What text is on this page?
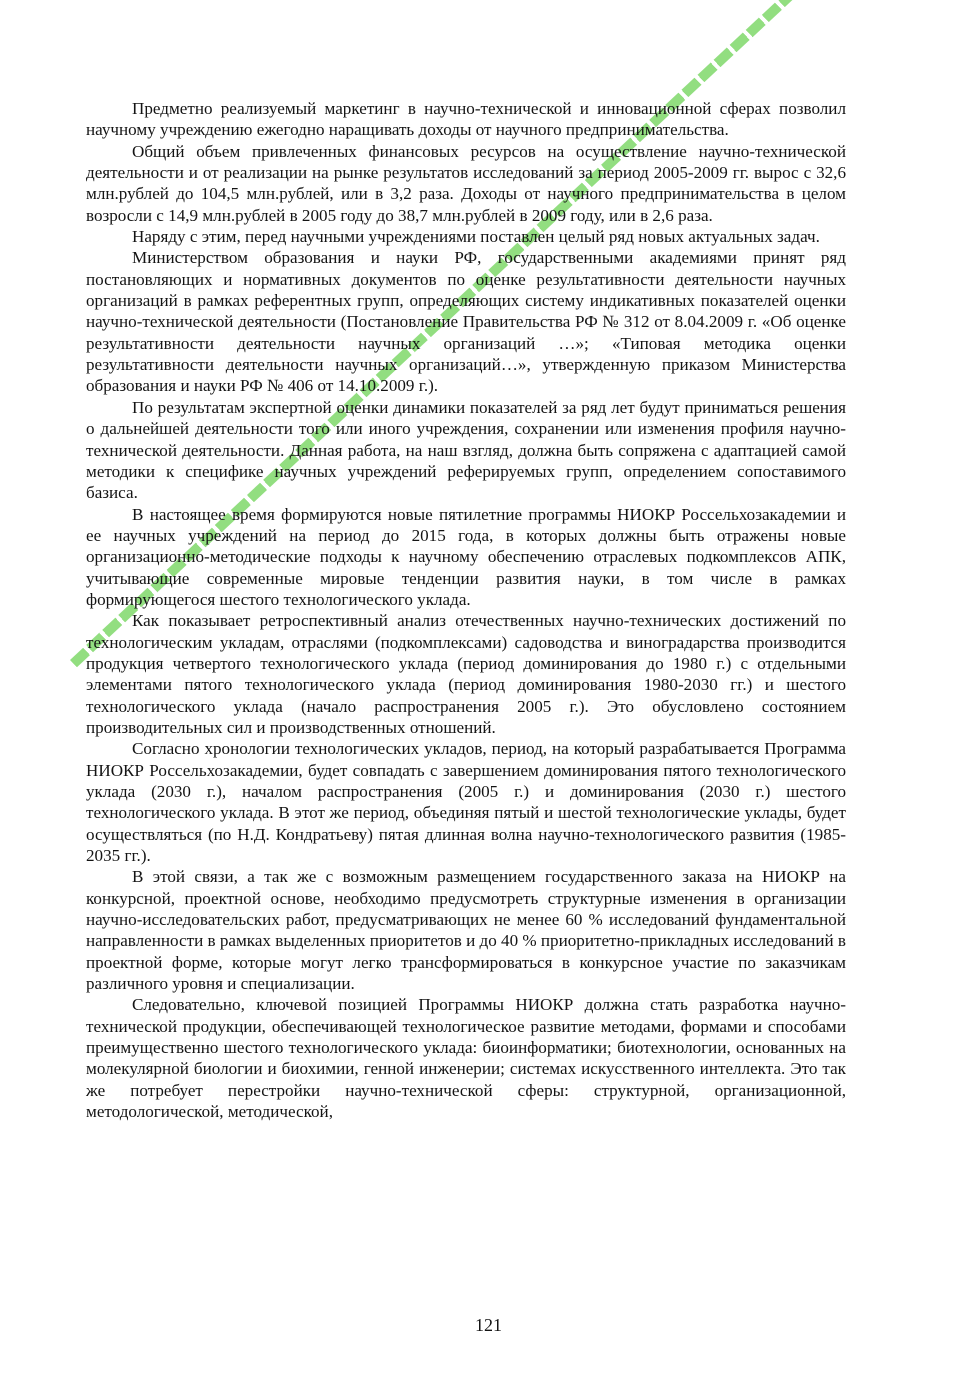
Предметно реализуемый маркетинг в научно-технической и инновационной сферах позволил научному учреждению ежегодно наращивать доходы от научного предпринимательства.

Общий объем привлеченных финансовых ресурсов на осуществление научно-технической деятельности и от реализации на рынке результатов исследований за период 2005-2009 гг. вырос с 32,6 млн.рублей до 104,5 млн.рублей, или в 3,2 раза. Доходы от научного предпринимательства в целом возросли с 14,9 млн.рублей в 2005 году до 38,7 млн.рублей в 2009 году, или в 2,6 раза.

Наряду с этим, перед научными учреждениями поставлен целый ряд новых актуальных задач.

Министерством образования и науки РФ, государственными академиями принят ряд постановляющих и нормативных документов по оценке результативности деятельности научных организаций в рамках референтных групп, определяющих систему индикативных показателей оценки научно-технической деятельности (Постановление Правительства РФ № 312 от 8.04.2009 г. «Об оценке результативности деятельности научных организаций …»; «Типовая методика оценки результативности деятельности научных организаций…», утвержденную приказом Министерства образования и науки РФ № 406 от 14.10.2009 г.).

По результатам экспертной оценки динамики показателей за ряд лет будут приниматься решения о дальнейшей деятельности того или иного учреждения, сохранении или изменения профиля научно-технической деятельности. Данная работа, на наш взгляд, должна быть сопряжена с адаптацией самой методики к специфике научных учреждений реферируемых групп, определением сопоставимого базиса.

В настоящее время формируются новые пятилетние программы НИОКР Россельхозакадемии и ее научных учреждений на период до 2015 года, в которых должны быть отражены новые организационно-методические подходы к научному обеспечению отраслевых подкомплексов АПК, учитывающие современные мировые тенденции развития науки, в том числе в рамках формирующегося шестого технологического уклада.

Как показывает ретроспективный анализ отечественных научно-технических достижений по технологическим укладам, отраслями (подкомплексами) садоводства и виноградарства производится продукция четвертого технологического уклада (период доминирования до 1980 г.) с отдельными элементами пятого технологического уклада (период доминирования 1980-2030 гг.) и шестого технологического уклада (начало распространения 2005 г.). Это обусловлено состоянием производительных сил и производственных отношений.

Согласно хронологии технологических укладов, период, на который разрабатывается Программа НИОКР Россельхозакадемии, будет совпадать с завершением доминирования пятого технологического уклада (2030 г.), началом распространения (2005 г.) и доминирования (2030 г.) шестого технологического уклада. В этот же период, объединяя пятый и шестой технологические уклады, будет осуществляться (по Н.Д. Кондратьеву) пятая длинная волна научно-технологического развития (1985-2035 гг.).

В этой связи, а так же с возможным размещением государственного заказа на НИОКР на конкурсной, проектной основе, необходимо предусмотреть структурные изменения в организации научно-исследовательских работ, предусматривающих не менее 60 % исследований фундаментальной направленности в рамках выделенных приоритетов и до 40 % приоритетно-прикладных исследований в проектной форме, которые могут легко трансформироваться в конкурсное участие по заказчикам различного уровня и специализации.

Следовательно, ключевой позицией Программы НИОКР должна стать разработка научно-технической продукции, обеспечивающей технологическое развитие методами, формами и способами преимущественно шестого технологического уклада: биоинформатики; биотехнологии, основанных на молекулярной биологии и биохимии, генной инженерии; системах искусственного интеллекта. Это так же потребует перестройки научно-технической сферы: структурной, организационной, методологической, методической,

121
